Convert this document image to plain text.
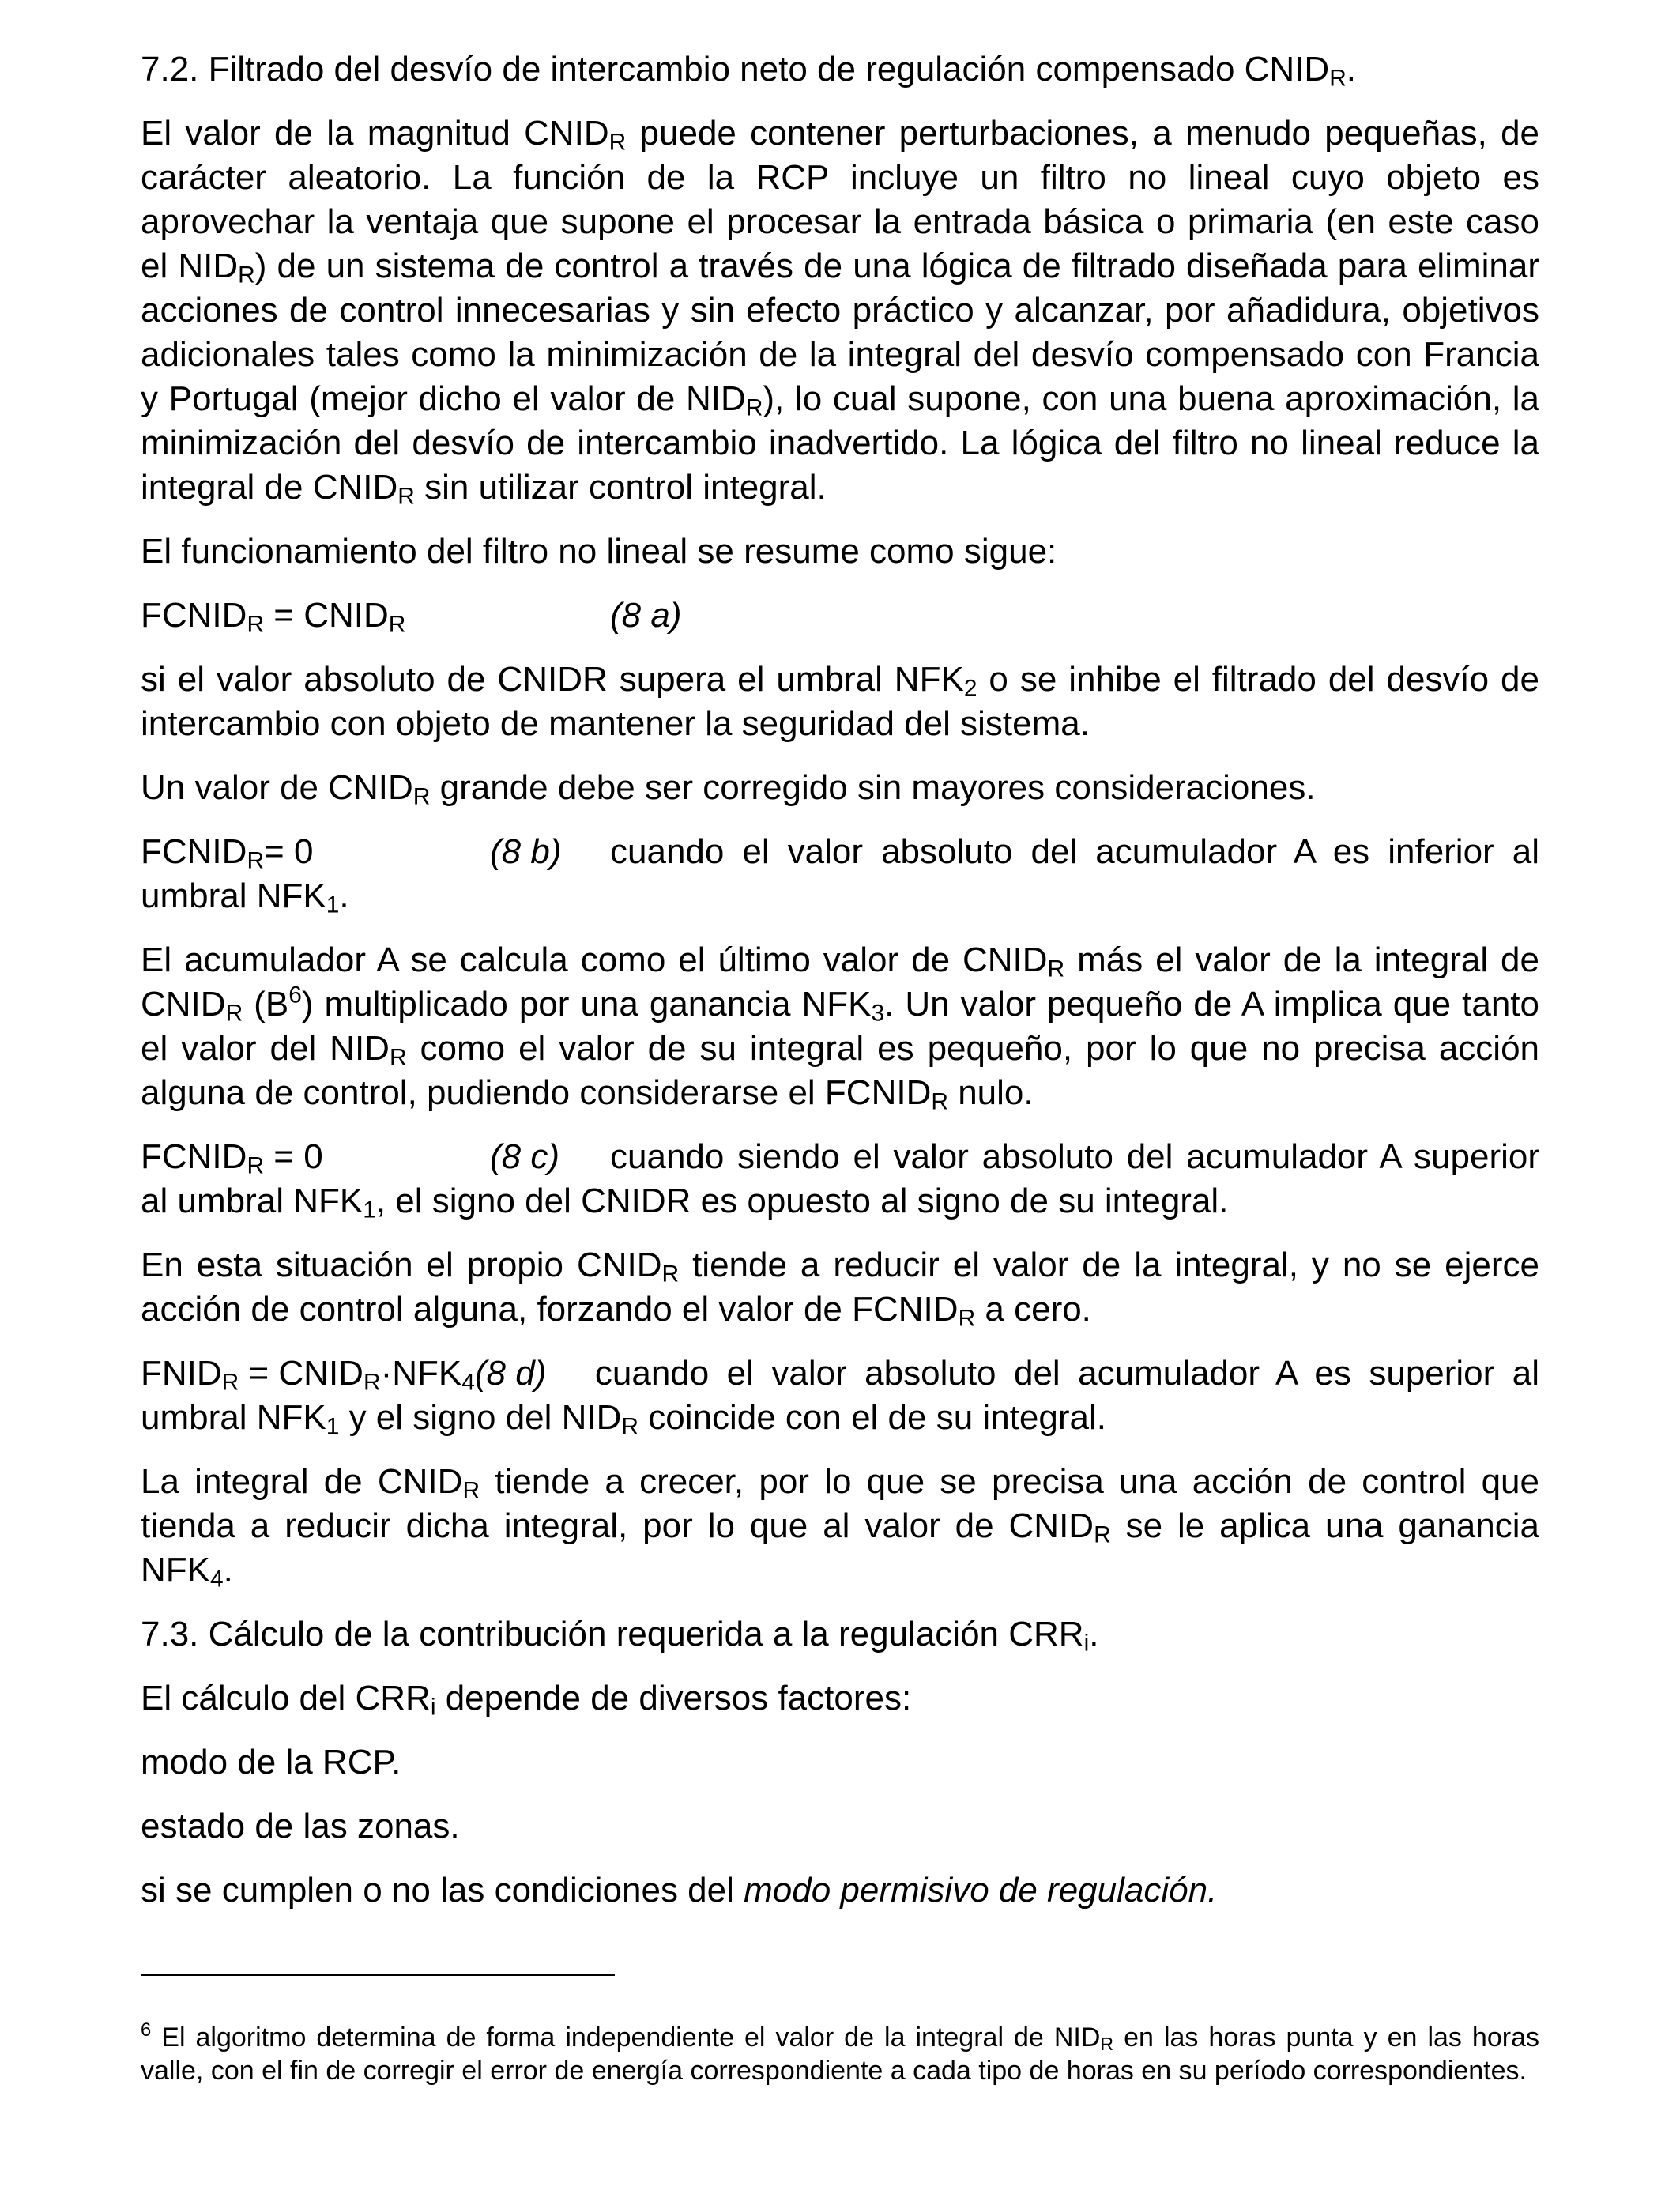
7.2. Filtrado del desvío de intercambio neto de regulación compensado $CNID_R$.

El valor de la magnitud $CNID_R$ puede contener perturbaciones, a menudo pequeñas, de carácter aleatorio. La función de la RCP incluye un filtro no lineal cuyo objeto es aprovechar la ventaja que supone el procesar la entrada básica o primaria (en este caso el $NID_R$) de un sistema de control a través de una lógica de filtrado diseñada para eliminar acciones de control innecesarias y sin efecto práctico y alcanzar, por añadidura, objetivos adicionales tales como la minimización de la integral del desvío compensado con Francia y Portugal (mejor dicho el valor de $NID_R$), lo cual supone, con una buena aproximación, la minimización del desvío de intercambio inadvertido. La lógica del filtro no lineal reduce la integral de $CNID_R$ sin utilizar control integral.

El funcionamiento del filtro no lineal se resume como sigue:

$FCNID_R$ = $CNID_R$	(8 a)

si el valor absoluto de CNIDR supera el umbral $NFK_2$ o se inhibe el filtrado del desvío de intercambio con objeto de mantener la seguridad del sistema.

Un valor de $CNID_R$ grande debe ser corregido sin mayores consideraciones.

$FCNID_R= 0$	(8 b) cuando el valor absoluto del acumulador A es inferior al umbral $NFK_1$.

El acumulador A se calcula como el último valor de $CNID_R$ más el valor de la integral de $CNID_R$ $(B^6)$ multiplicado por una ganancia $NFK_3$. Un valor pequeño de A implica que tanto el valor del $NID_R$ como el valor de su integral es pequeño, por lo que no precisa acción alguna de control, pudiendo considerarse el $FCNID_R$ nulo.

$FCNID_R = 0$	(8 c) cuando siendo el valor absoluto del acumulador A superior al umbral $NFK_1$, el signo del CNIDR es opuesto al signo de su integral.

En esta situación el propio $CNID_R$ tiende a reducir el valor de la integral, y no se ejerce acción de control alguna, forzando el valor de $FCNID_R$ a cero.

$FNID_R$ = $CNID_R\cdot NFK_4(8$ d) cuando el valor absoluto del acumulador A es superior al umbral $NFK_1$ y el signo del $NID_R$ coincide con el de su integral.

La integral de $CNID_R$ tiende a crecer, por lo que se precisa una acción de control que tienda a reducir dicha integral, por lo que al valor de $CNID_R$ se le aplica una ganancia $NFK_4$.

7.3. Cálculo de la contribución requerida a la regulación $CRR_i$.

El cálculo del $CRR_i$ depende de diversos factores:

modo de la RCP.

estado de las zonas.

si se cumplen o no las condiciones del modo permisivo de regulación.

$^6$ El algoritmo determina de forma independiente el valor de la integral de $NID_R$ en las horas punta y en las horas valle, con el fin de corregir el error de energía correspondiente a cada tipo de horas en su período correspondientes.
